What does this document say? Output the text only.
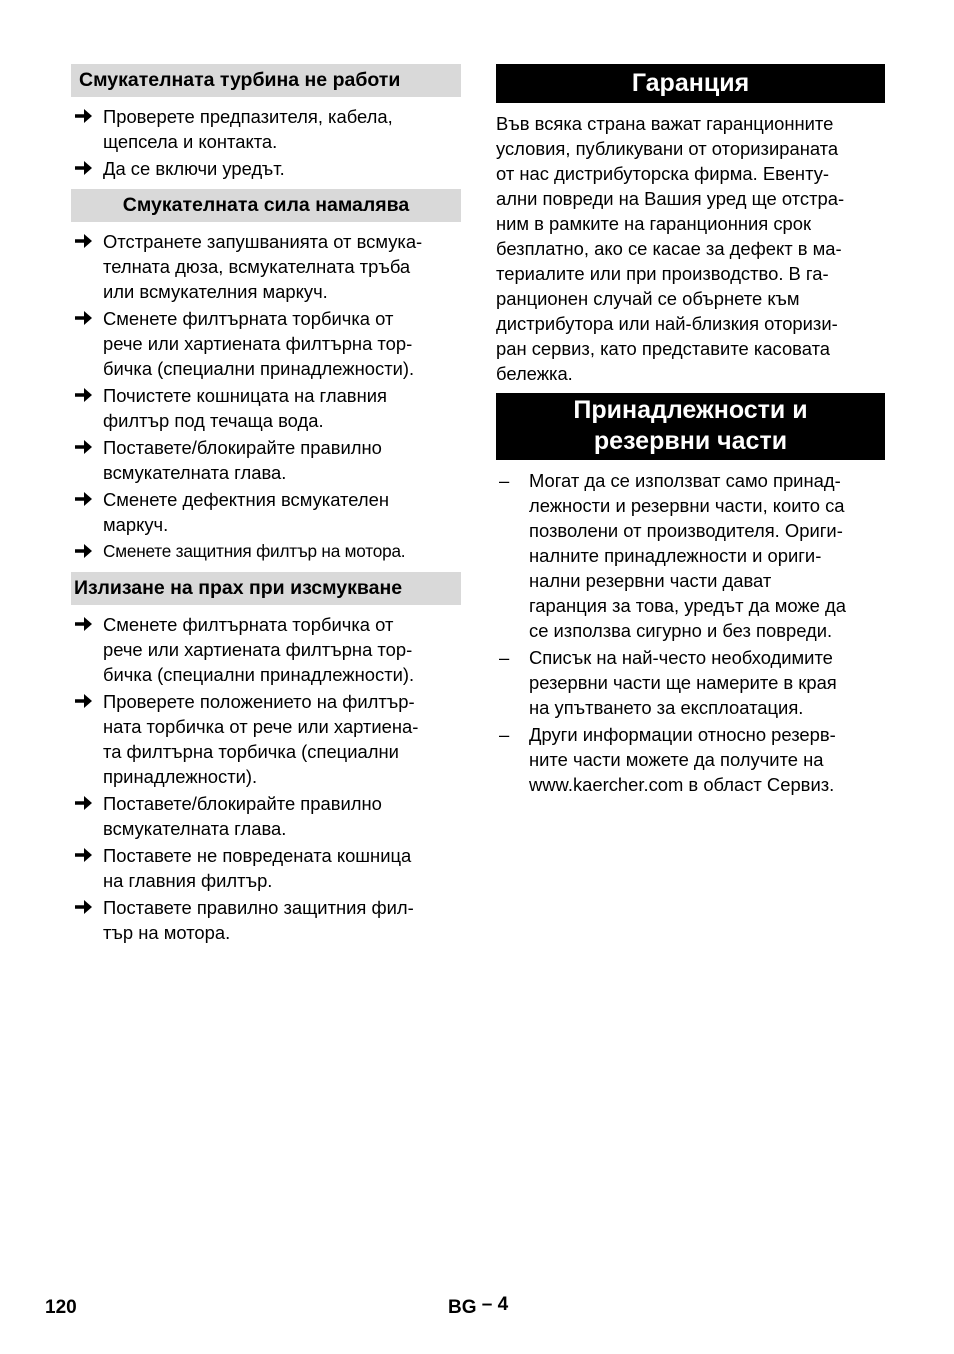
Смукателната турбина не работи
Проверете предпазителя, кабела,
щепсела и контакта.
Да се включи уредът.
Смукателната сила намалява
Отстранете запушванията от всмука-
телната дюза, всмукателната тръба
или всмукателния маркуч.
Сменете филтърната торбичка от
рече или хартиената филтърна тор-
бичка (специални принадлежности).
Почистете кошницата на главния
филтър под течаща вода.
Поставете/блокирайте правилно
всмукателната глава.
Сменете дефектния всмукателен
маркуч.
Сменете защитния филтър на мотора.
Излизане на прах при изсмукване
Сменете филтърната торбичка от
рече или хартиената филтърна тор-
бичка (специални принадлежности).
Проверете положението на филтър-
ната торбичка от рече или хартиена-
та филтърна торбичка (специални
принадлежности).
Поставете/блокирайте правилно
всмукателната глава.
Поставете не повредената кошница
на главния филтър.
Поставете правилно защитния фил-
тър на мотора.
Гаранция

Във всяка страна важат гаранционните
условия, публикувани от оторизираната
от нас дистрибуторска фирма. Евенту-
ални повреди на Вашия уред ще отстра-
ним в рамките на гаранционния срок
безплатно, ако се касае за дефект в ма-
териалите или при производство. В га-
ранционен случай се обърнете към
дистрибутора или най-близкия оторизи-
ран сервиз, като представите касовата
бележка.

Принадлежности и
резервни части
– Могат да се използват само принад-
лежности и резервни части, които са
позволени от производителя. Ориги-
налните принадлежности и ориги-
нални резервни части дават
гаранция за това, уредът да може да
се използва сигурно и без повреди.
– Списък на най-често необходимите
резервни части ще намерите в края
на упътването за експлоатация.
– Други информации относно резерв-
ните части можете да получите на
www.kaercher.com в област Сервиз.
120	BG – 4
